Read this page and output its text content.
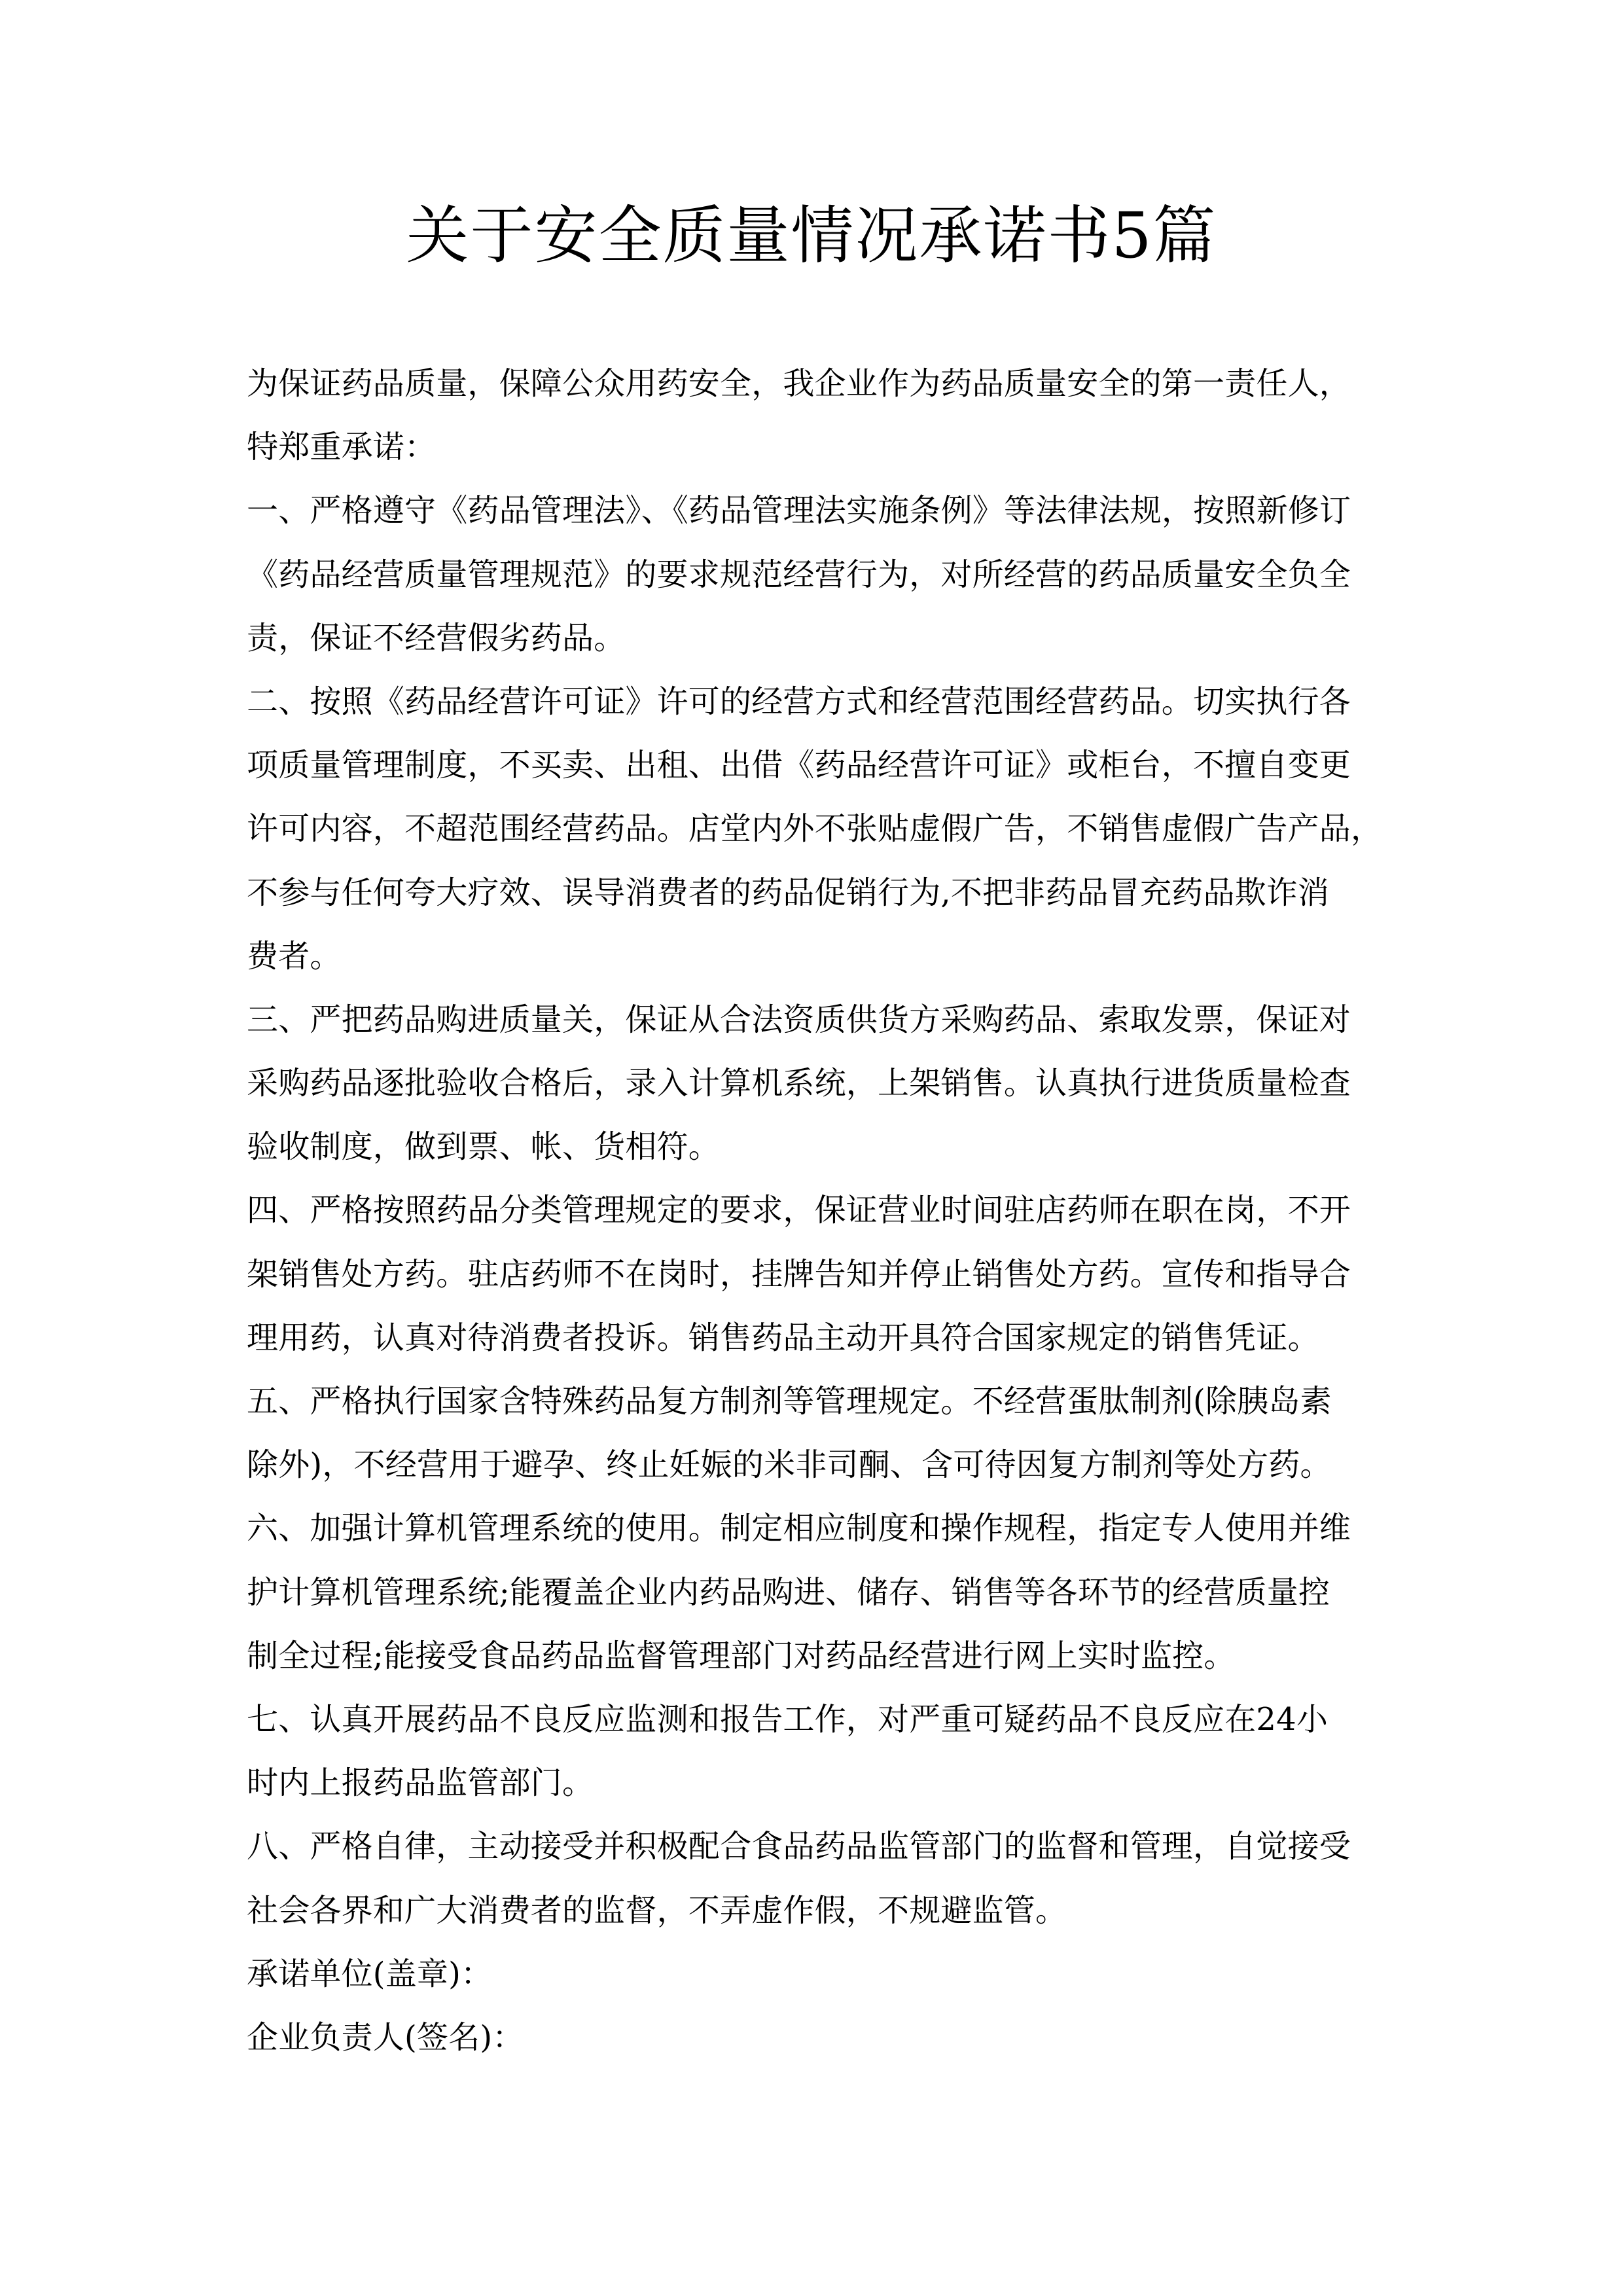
关于安全质量情况承诺书5篇
为保证药品质量，保障公众用药安全，我企业作为药品质量安全的第一责任人，
特郑重承诺：
一、严格遵守《药品管理法》、《药品管理法实施条例》等法律法规，按照新修订
《药品经营质量管理规范》的要求规范经营行为，对所经营的药品质量安全负全
责，保证不经营假劣药品。
二、按照《药品经营许可证》许可的经营方式和经营范围经营药品。切实执行各
项质量管理制度，不买卖、出租、出借《药品经营许可证》或柜台，不擅自变更
许可内容，不超范围经营药品。店堂内外不张贴虚假广告，不销售虚假广告产品，
不参与任何夸大疗效、误导消费者的药品促销行为,不把非药品冒充药品欺诈消
费者。
三、严把药品购进质量关，保证从合法资质供货方采购药品、索取发票，保证对
采购药品逐批验收合格后，录入计算机系统，上架销售。认真执行进货质量检查
验收制度，做到票、帐、货相符。
四、严格按照药品分类管理规定的要求，保证营业时间驻店药师在职在岗，不开
架销售处方药。驻店药师不在岗时，挂牌告知并停止销售处方药。宣传和指导合
理用药，认真对待消费者投诉。销售药品主动开具符合国家规定的销售凭证。
五、严格执行国家含特殊药品复方制剂等管理规定。不经营蛋肽制剂(除胰岛素
除外)，不经营用于避孕、终止妊娠的米非司酮、含可待因复方制剂等处方药。
六、加强计算机管理系统的使用。制定相应制度和操作规程，指定专人使用并维
护计算机管理系统;能覆盖企业内药品购进、储存、销售等各环节的经营质量控
制全过程;能接受食品药品监督管理部门对药品经营进行网上实时监控。
七、认真开展药品不良反应监测和报告工作，对严重可疑药品不良反应在24小
时内上报药品监管部门。
八、严格自律，主动接受并积极配合食品药品监管部门的监督和管理，自觉接受
社会各界和广大消费者的监督，不弄虚作假，不规避监管。
承诺单位(盖章)：
企业负责人(签名)：
